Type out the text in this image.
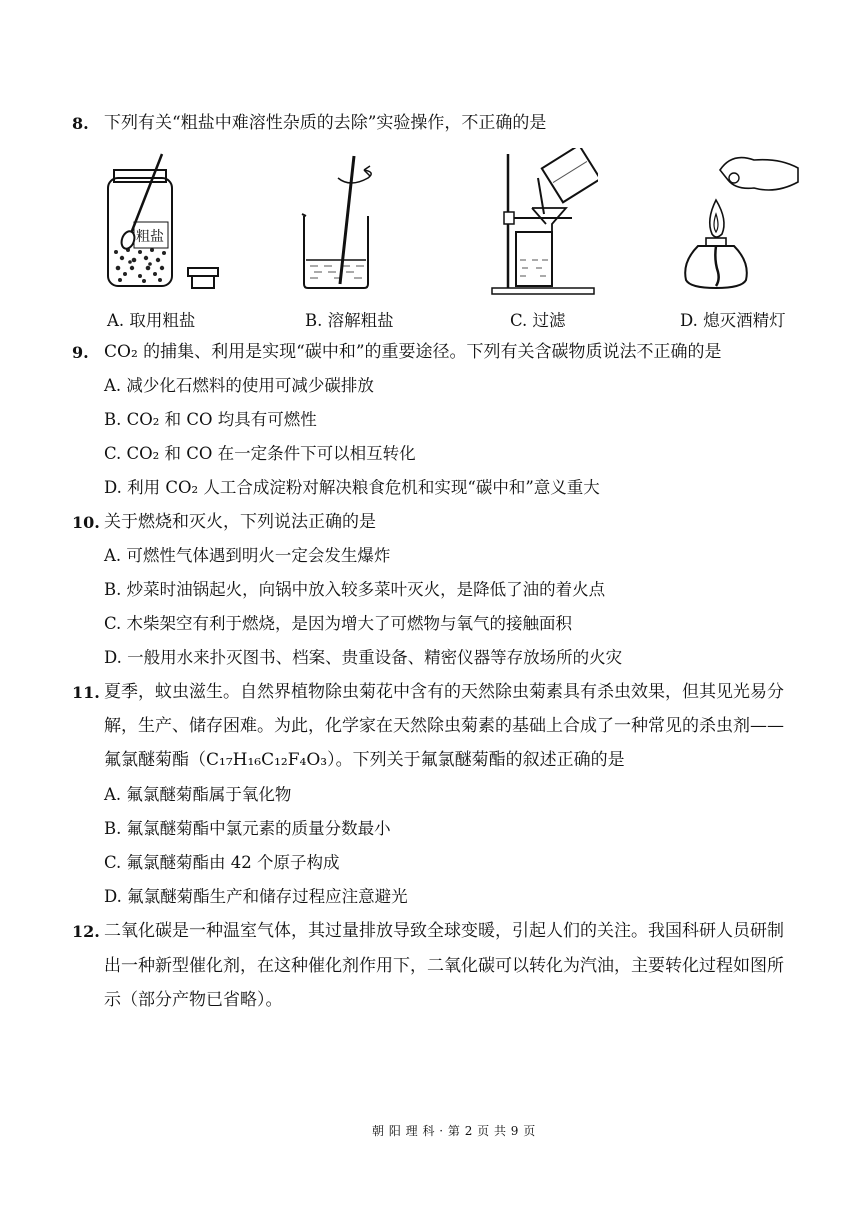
8. 下列有关“粗盐中难溶性杂质的去除”实验操作，不正确的是
粗盐
A. 取用粗盐	B. 溶解粗盐	C. 过滤	D. 熄灭酒精灯
9. CO₂ 的捕集、利用是实现“碳中和”的重要途径。下列有关含碳物质说法不正确的是
A. 减少化石燃料的使用可减少碳排放
B. CO₂ 和 CO 均具有可燃性
C. CO₂ 和 CO 在一定条件下可以相互转化
D. 利用 CO₂ 人工合成淀粉对解决粮食危机和实现“碳中和”意义重大
10. 关于燃烧和灭火，下列说法正确的是
A. 可燃性气体遇到明火一定会发生爆炸
B. 炒菜时油锅起火，向锅中放入较多菜叶灭火，是降低了油的着火点
C. 木柴架空有利于燃烧，是因为增大了可燃物与氧气的接触面积
D. 一般用水来扑灭图书、档案、贵重设备、精密仪器等存放场所的火灾
11. 夏季，蚊虫滋生。自然界植物除虫菊花中含有的天然除虫菊素具有杀虫效果，但其见光易分
解，生产、储存困难。为此，化学家在天然除虫菊素的基础上合成了一种常见的杀虫剂——
氟氯醚菊酯（C₁₇H₁₆C₁₂F₄O₃）。下列关于氟氯醚菊酯的叙述正确的是
A. 氟氯醚菊酯属于氧化物
B. 氟氯醚菊酯中氯元素的质量分数最小
C. 氟氯醚菊酯由 42 个原子构成
D. 氟氯醚菊酯生产和储存过程应注意避光
12. 二氧化碳是一种温室气体，其过量排放导致全球变暖，引起人们的关注。我国科研人员研制
出一种新型催化剂，在这种催化剂作用下，二氧化碳可以转化为汽油，主要转化过程如图所
示（部分产物已省略）。
朝 阳 理 科 · 第 2 页 共 9 页
